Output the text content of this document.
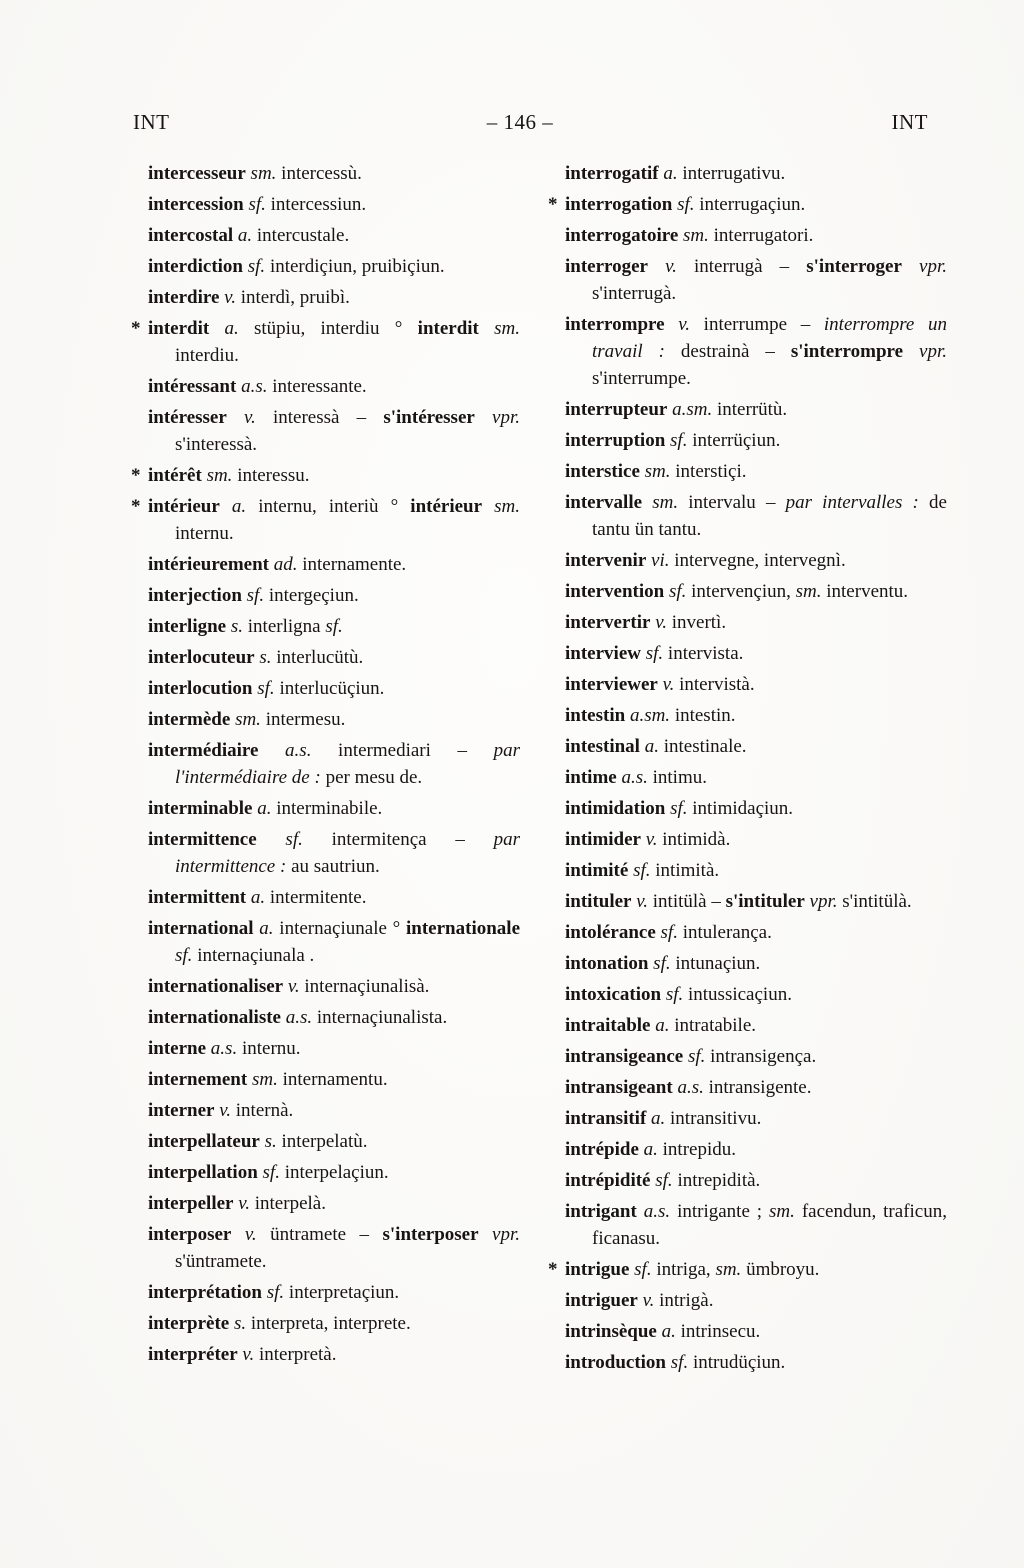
INT	– 146 –	INT

intercesseur sm. intercessù.

intercession sf. intercessiun.

intercostal a. intercustale.

interdiction sf. interdiçiun, pruibiçiun.

interdire v. interdì, pruibì.

* interdit a. stüpiu, interdiu ° interdit sm. interdiu.

intéressant a.s. interessante.

intéresser v. interessà – s'intéresser vpr. s'interessà.

* intérêt sm. interessu.

* intérieur a. internu, interiù ° intérieur sm. internu.

intérieurement ad. internamente.

interjection sf. intergeçiun.

interligne s. interligna sf.

interlocuteur s. interlucütù.

interlocution sf. interlucüçiun.

intermède sm. intermesu.

intermédiaire a.s. intermediari – par l'intermédiaire de : per mesu de.

interminable a. interminabile.

intermittence sf. intermitença – par intermittence : au sautriun.

intermittent a. intermitente.

international a. internaçiunale ° internationale sf. internaçiunala .

internationaliser v. internaçiunalisà.

internationaliste a.s. internaçiunalista.

interne a.s. internu.

internement sm. internamentu.

interner v. internà.

interpellateur s. interpelatù.

interpellation sf. interpelaçiun.

interpeller v. interpelà.

interposer v. üntramete – s'interposer vpr. s'üntramete.

interprétation sf. interpretaçiun.

interprète s. interpreta, interprete.

interpréter v. interpretà.

interrogatif a. interrugativu.

* interrogation sf. interrugaçiun.

interrogatoire sm. interrugatori.

interroger v. interrugà – s'interroger vpr. s'interrugà.

interrompre v. interrumpe – interrompre un travail : destrainà – s'interrompre vpr. s'interrumpe.

interrupteur a.sm. interrütù.

interruption sf. interrüçiun.

interstice sm. interstiçi.

intervalle sm. intervalu – par intervalles : de tantu ün tantu.

intervenir vi. intervegne, intervegnì.

intervention sf. intervençiun, sm. interventu.

intervertir v. invertì.

interview sf. intervista.

interviewer v. intervistà.

intestin a.sm. intestin.

intestinal a. intestinale.

intime a.s. intimu.

intimidation sf. intimidaçiun.

intimider v. intimidà.

intimité sf. intimità.

intituler v. intitülà – s'intituler vpr. s'intitülà.

intolérance sf. intulerança.

intonation sf. intunaçiun.

intoxication sf. intussicaçiun.

intraitable a. intratabile.

intransigeance sf. intransigença.

intransigeant a.s. intransigente.

intransitif a. intransitivu.

intrépide a. intrepidu.

intrépidité sf. intrepidità.

intrigant a.s. intrigante ; sm. facendun, traficun, ficanasu.

* intrigue sf. intriga, sm. ümbroyu.

intriguer v. intrigà.

intrinsèque a. intrinsecu.

introduction sf. intrudüçiun.
